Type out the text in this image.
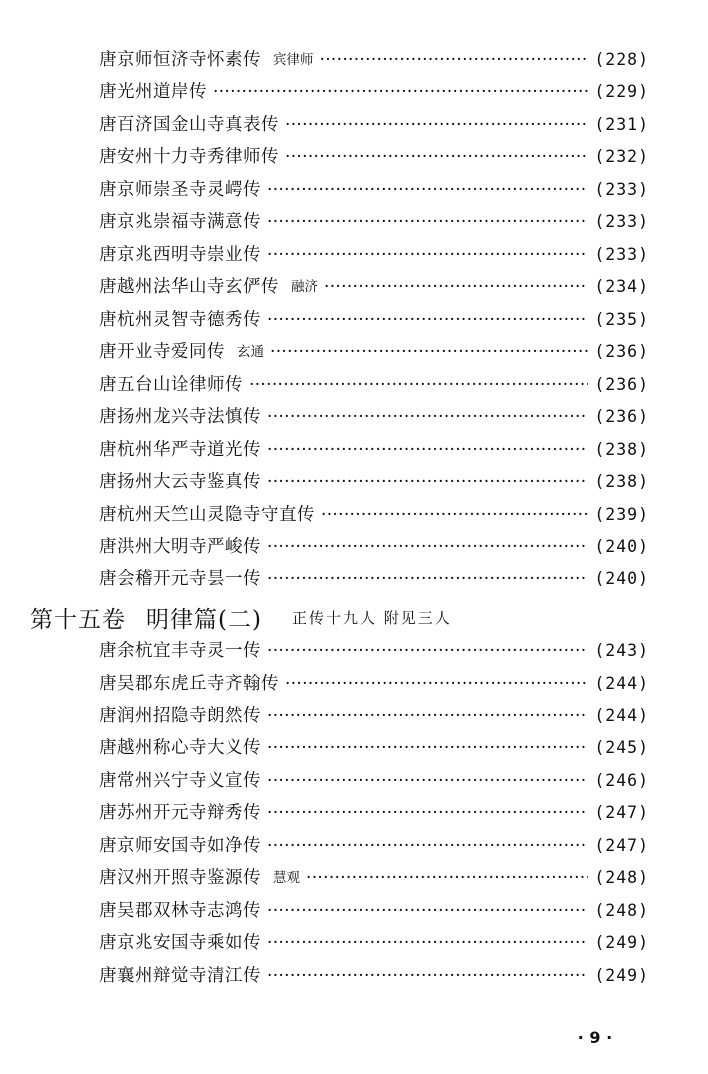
唐京师恒济寺怀素传 宾律师 ·····	(228)
唐光州道岸传 ·····	(229)
唐百济国金山寺真表传 ·····	(231)
唐安州十力寺秀律师传 ·····	(232)
唐京师崇圣寺灵崿传 ·····	(233)
唐京兆崇福寺满意传 ·····	(233)
唐京兆西明寺崇业传 ·····	(233)
唐越州法华山寺玄俨传 融济 ·····	(234)
唐杭州灵智寺德秀传 ·····	(235)
唐开业寺爱同传 玄通 ·····	(236)
唐五台山诠律师传 ·····	(236)
唐扬州龙兴寺法慎传 ·····	(236)
唐杭州华严寺道光传 ·····	(238)
唐扬州大云寺鉴真传 ·····	(238)
唐杭州天竺山灵隐寺守直传 ·····	(239)
唐洪州大明寺严峻传 ·····	(240)
唐会稽开元寺昙一传 ·····	(240)
第十五卷 明律篇(二) 正传十九人 附见三人
唐余杭宜丰寺灵一传 ·····	(243)
唐吴郡东虎丘寺齐翰传 ·····	(244)
唐润州招隐寺朗然传 ·····	(244)
唐越州称心寺大义传 ·····	(245)
唐常州兴宁寺义宣传 ·····	(246)
唐苏州开元寺辩秀传 ·····	(247)
唐京师安国寺如净传 ·····	(247)
唐汉州开照寺鉴源传 慧观 ·····	(248)
唐吴郡双林寺志鸿传 ·····	(248)
唐京兆安国寺乘如传 ·····	(249)
唐襄州辩觉寺清江传 ·····	(249)
· 9 ·
